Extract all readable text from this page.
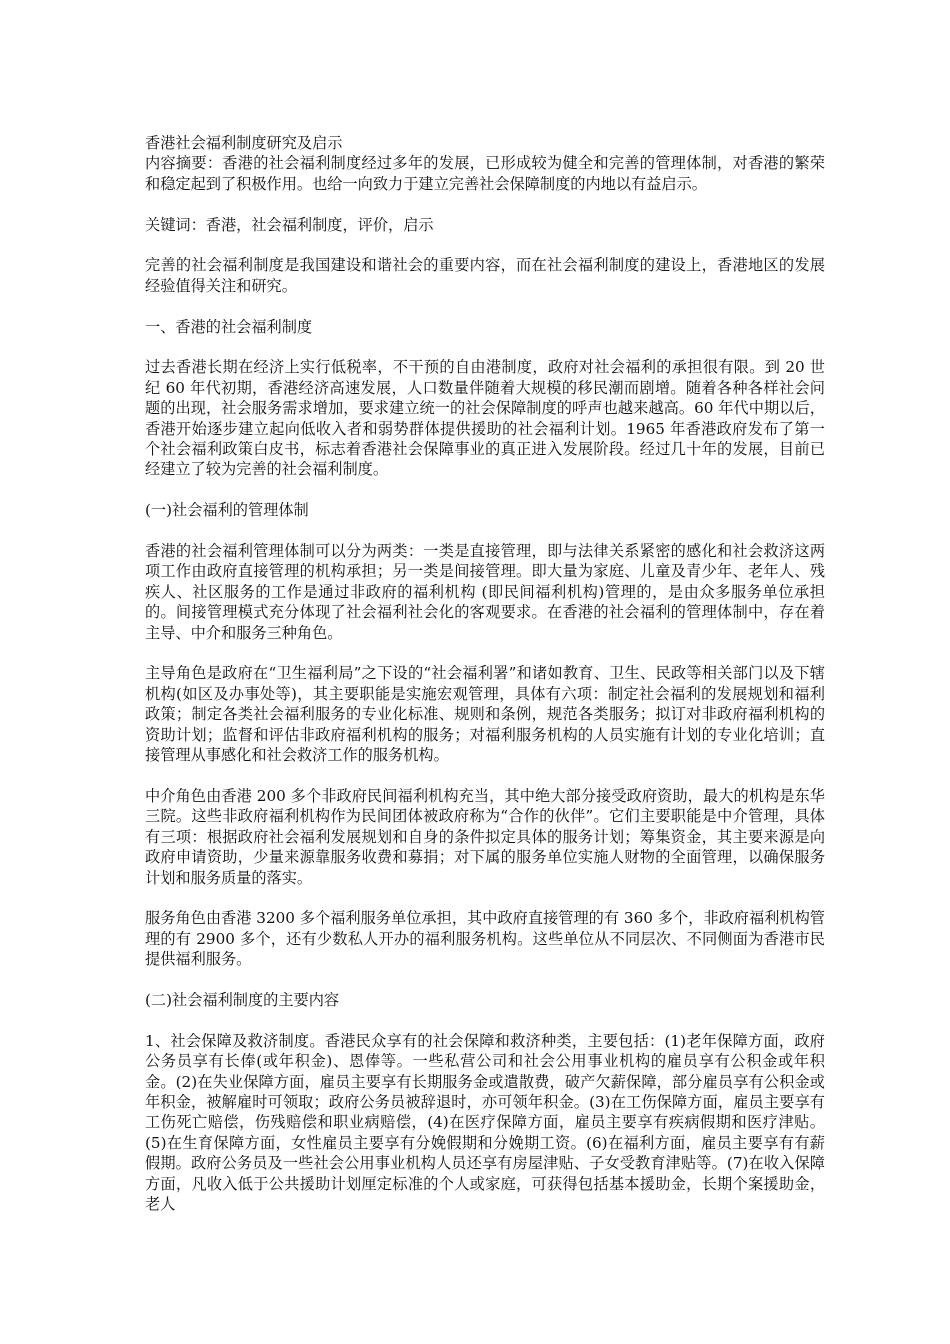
香港社会福利制度研究及启示

内容摘要：香港的社会福利制度经过多年的发展，已形成较为健全和完善的管理体制，对香港的繁荣和稳定起到了积极作用。也给一向致力于建立完善社会保障制度的内地以有益启示。

关键词：香港，社会福利制度，评价，启示

完善的社会福利制度是我国建设和谐社会的重要内容，而在社会福利制度的建设上，香港地区的发展经验值得关注和研究。

一、香港的社会福利制度

过去香港长期在经济上实行低税率，不干预的自由港制度，政府对社会福利的承担很有限。到 20 世纪 60 年代初期，香港经济高速发展，人口数量伴随着大规模的移民潮而剧增。随着各种各样社会问题的出现，社会服务需求增加，要求建立统一的社会保障制度的呼声也越来越高。60 年代中期以后，香港开始逐步建立起向低收入者和弱势群体提供援助的社会福利计划。1965 年香港政府发布了第一个社会福利政策白皮书，标志着香港社会保障事业的真正进入发展阶段。经过几十年的发展，目前已经建立了较为完善的社会福利制度。

(一)社会福利的管理体制

香港的社会福利管理体制可以分为两类：一类是直接管理，即与法律关系紧密的感化和社会救济这两项工作由政府直接管理的机构承担；另一类是间接管理。即大量为家庭、儿童及青少年、老年人、残疾人、社区服务的工作是通过非政府的福利机构 (即民间福利机构)管理的，是由众多服务单位承担的。间接管理模式充分体现了社会福利社会化的客观要求。在香港的社会福利的管理体制中，存在着主导、中介和服务三种角色。

主导角色是政府在“卫生福利局”之下设的“社会福利署”和诸如教育、卫生、民政等相关部门以及下辖机构(如区及办事处等)，其主要职能是实施宏观管理，具体有六项：制定社会福利的发展规划和福利政策；制定各类社会福利服务的专业化标准、规则和条例，规范各类服务；拟订对非政府福利机构的资助计划；监督和评估非政府福利机构的服务；对福利服务机构的人员实施有计划的专业化培训；直接管理从事感化和社会救济工作的服务机构。

中介角色由香港 200 多个非政府民间福利机构充当，其中绝大部分接受政府资助，最大的机构是东华三院。这些非政府福利机构作为民间团体被政府称为“合作的伙伴”。它们主要职能是中介管理，具体有三项：根据政府社会福利发展规划和自身的条件拟定具体的服务计划；筹集资金，其主要来源是向政府申请资助，少量来源靠服务收费和募捐；对下属的服务单位实施人财物的全面管理，以确保服务计划和服务质量的落实。

服务角色由香港 3200 多个福利服务单位承担，其中政府直接管理的有 360 多个，非政府福利机构管理的有 2900 多个，还有少数私人开办的福利服务机构。这些单位从不同层次、不同侧面为香港市民提供福利服务。

(二)社会福利制度的主要内容

1、社会保障及救济制度。香港民众享有的社会保障和救济种类，主要包括：(1)老年保障方面，政府公务员享有长俸(或年积金)、恩俸等。一些私营公司和社会公用事业机构的雇员享有公积金或年积金。(2)在失业保障方面，雇员主要享有长期服务金或遣散费，破产欠薪保障，部分雇员享有公积金或年积金，被解雇时可领取；政府公务员被辞退时，亦可领年积金。(3)在工伤保障方面，雇员主要享有工伤死亡赔偿，伤残赔偿和职业病赔偿，(4)在医疗保障方面，雇员主要享有疾病假期和医疗津贴。(5)在生育保障方面，女性雇员主要享有分娩假期和分娩期工资。(6)在福利方面，雇员主要享有有薪假期。政府公务员及一些社会公用事业机构人员还享有房屋津贴、子女受教育津贴等。(7)在收入保障方面，凡收入低于公共援助计划厘定标准的个人或家庭，可获得包括基本援助金，长期个案援助金，老人
